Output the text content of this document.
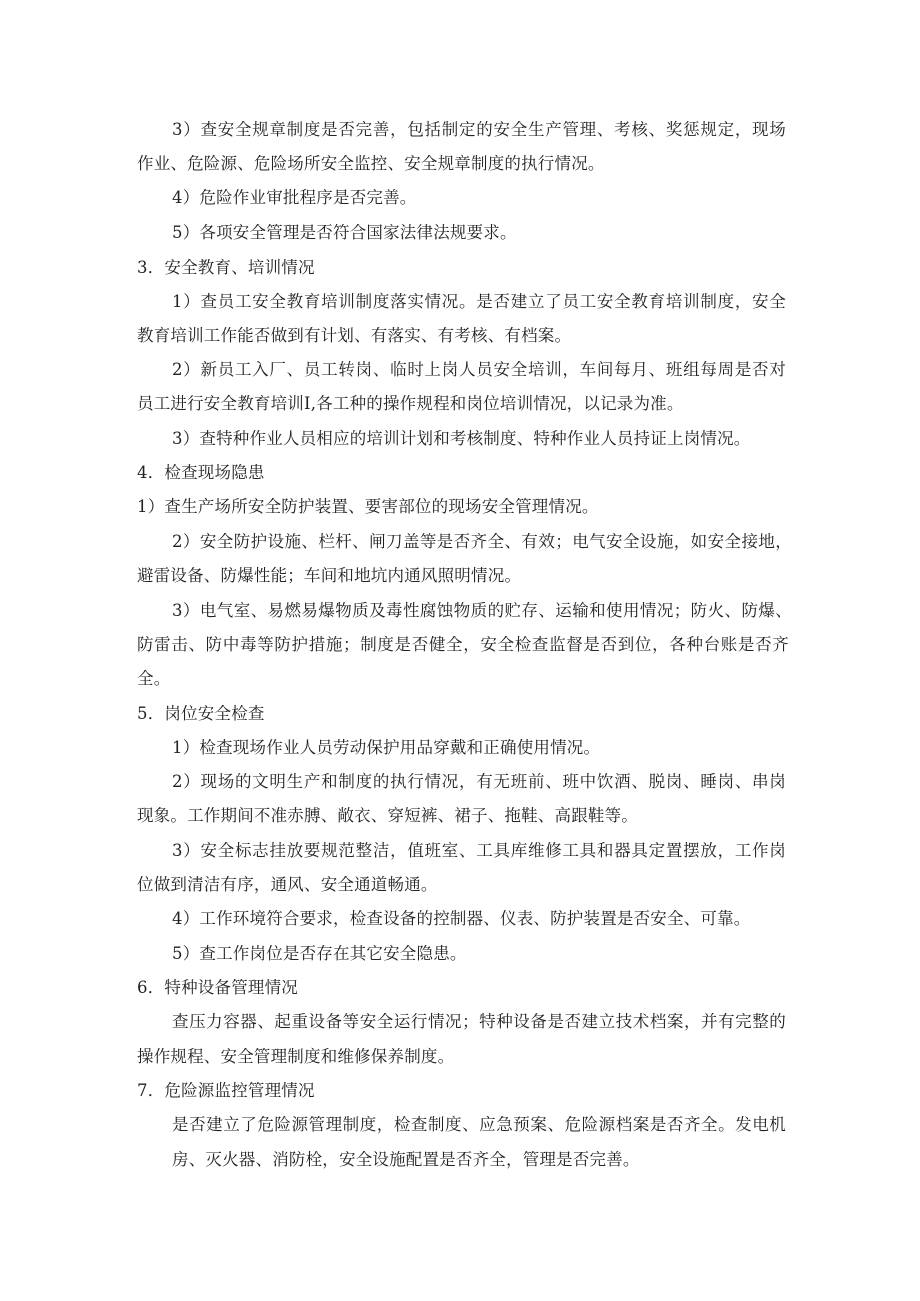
3）查安全规章制度是否完善，包括制定的安全生产管理、考核、奖惩规定，现场
作业、危险源、危险场所安全监控、安全规章制度的执行情况。
4）危险作业审批程序是否完善。
5）各项安全管理是否符合国家法律法规要求。
3．安全教育、培训情况
1）查员工安全教育培训制度落实情况。是否建立了员工安全教育培训制度，安全
教育培训工作能否做到有计划、有落实、有考核、有档案。
2）新员工入厂、员工转岗、临时上岗人员安全培训，车间每月、班组每周是否对
员工进行安全教育培训I,各工种的操作规程和岗位培训情况，以记录为准。
3）查特种作业人员相应的培训计划和考核制度、特种作业人员持证上岗情况。
4．检查现场隐患
1）查生产场所安全防护装置、要害部位的现场安全管理情况。
2）安全防护设施、栏杆、闸刀盖等是否齐全、有效；电气安全设施，如安全接地，
避雷设备、防爆性能；车间和地坑内通风照明情况。
3）电气室、易燃易爆物质及毒性腐蚀物质的贮存、运输和使用情况；防火、防爆、
防雷击、防中毒等防护措施；制度是否健全，安全检查监督是否到位，各种台账是否齐
全。
5．岗位安全检查
1）检查现场作业人员劳动保护用品穿戴和正确使用情况。
2）现场的文明生产和制度的执行情况，有无班前、班中饮酒、脱岗、睡岗、串岗
现象。工作期间不准赤膊、敞衣、穿短裤、裙子、拖鞋、高跟鞋等。
3）安全标志挂放要规范整洁，值班室、工具库维修工具和器具定置摆放，工作岗
位做到清洁有序，通风、安全通道畅通。
4）工作环境符合要求，检查设备的控制器、仪表、防护装置是否安全、可靠。
5）查工作岗位是否存在其它安全隐患。
6．特种设备管理情况
查压力容器、起重设备等安全运行情况；特种设备是否建立技术档案，并有完整的
操作规程、安全管理制度和维修保养制度。
7．危险源监控管理情况
是否建立了危险源管理制度，检查制度、应急预案、危险源档案是否齐全。发电机
房、灭火器、消防栓，安全设施配置是否齐全，管理是否完善。
